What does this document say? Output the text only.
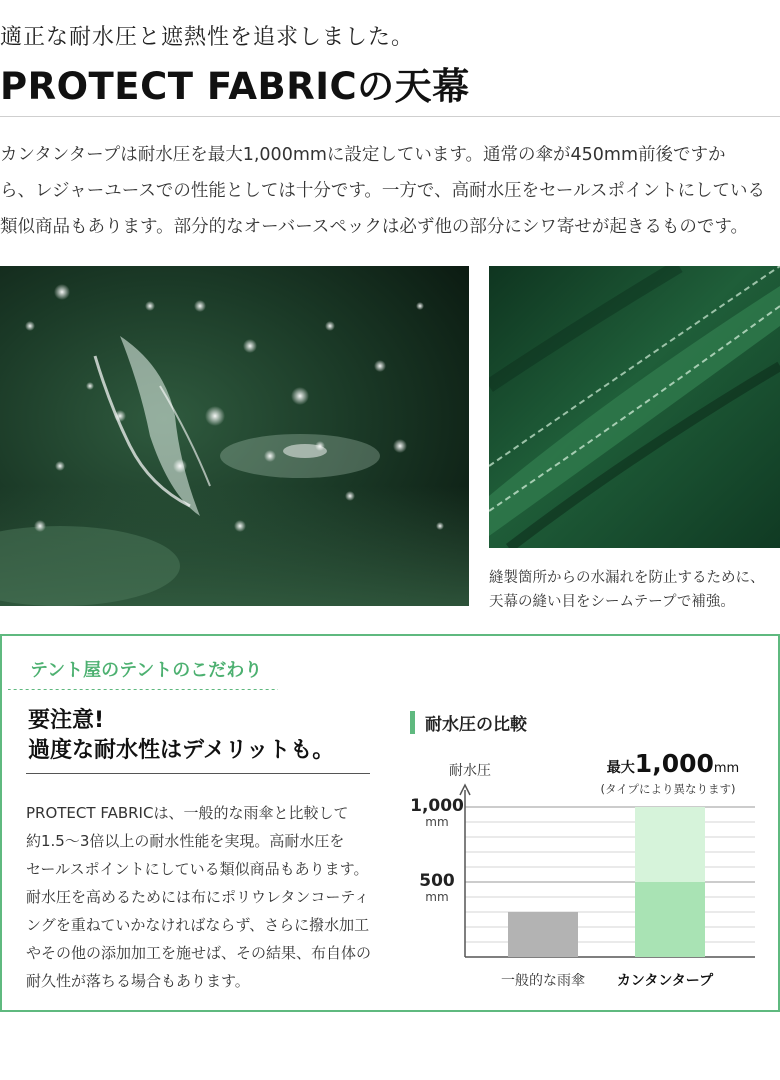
適正な耐水圧と遮熱性を追求しました。
PROTECT FABRICの天幕

カンタンタープは耐水圧を最大1,000mmに設定しています。通常の傘が450mm前後ですか

ら、レジャーユースでの性能としては十分です。一方で、高耐水圧をセールスポイントにしている

類似商品もあります。部分的なオーバースペックは必ず他の部分にシワ寄せが起きるものです。

縫製箇所からの水漏れを防止するために、
天幕の縫い目をシームテープで補強。
テント屋のテントのこだわり
要注意!
過度な耐水性はデメリットも。
PROTECT FABRICは、一般的な雨傘と比較して
約1.5〜3倍以上の耐水性能を実現。高耐水圧を
セールスポイントにしている類似商品もあります。
耐水圧を高めるためには布にポリウレタンコーティ
ングを重ねていかなければならず、さらに撥水加工
やその他の添加加工を施せば、その結果、布自体の
耐久性が落ちる場合もあります。
耐水圧の比較
耐水圧
1,000
mm
500
mm
一般的な雨傘 カンタンタープ
最大1,000mm
(タイプにより異なります)
